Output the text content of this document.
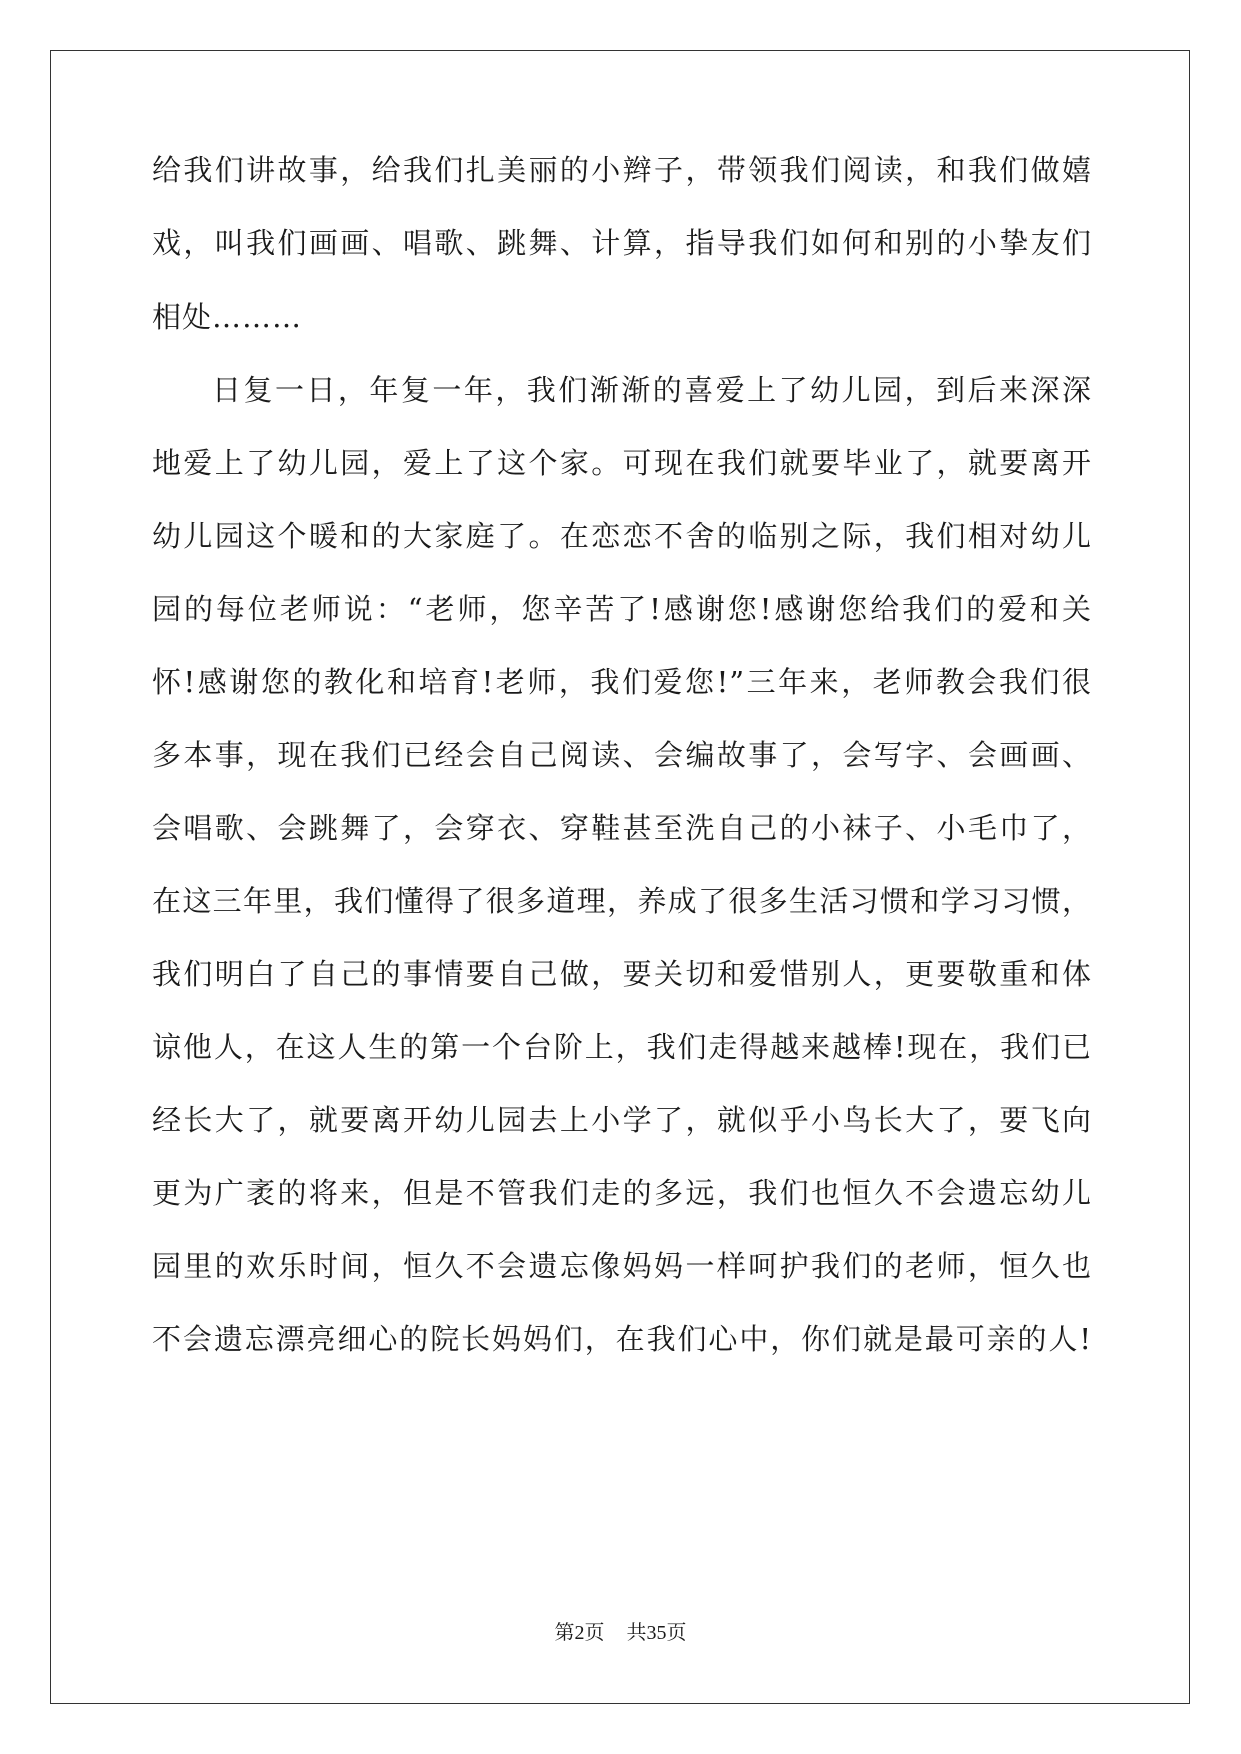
给我们讲故事，给我们扎美丽的小辫子，带领我们阅读，和我们做嬉
戏，叫我们画画、唱歌、跳舞、计算，指导我们如何和别的小挚友们
相处………
日复一日，年复一年，我们渐渐的喜爱上了幼儿园，到后来深深
地爱上了幼儿园，爱上了这个家。可现在我们就要毕业了，就要离开
幼儿园这个暖和的大家庭了。在恋恋不舍的临别之际，我们相对幼儿
园的每位老师说：“老师，您辛苦了!感谢您!感谢您给我们的爱和关
怀!感谢您的教化和培育!老师，我们爱您!”三年来，老师教会我们很
多本事，现在我们已经会自己阅读、会编故事了，会写字、会画画、
会唱歌、会跳舞了，会穿衣、穿鞋甚至洗自己的小袜子、小毛巾了，
在这三年里，我们懂得了很多道理，养成了很多生活习惯和学习习惯，
我们明白了自己的事情要自己做，要关切和爱惜别人，更要敬重和体
谅他人，在这人生的第一个台阶上，我们走得越来越棒!现在，我们已
经长大了，就要离开幼儿园去上小学了，就似乎小鸟长大了，要飞向
更为广袤的将来，但是不管我们走的多远，我们也恒久不会遗忘幼儿
园里的欢乐时间，恒久不会遗忘像妈妈一样呵护我们的老师，恒久也
不会遗忘漂亮细心的院长妈妈们，在我们心中，你们就是最可亲的人!
第2页 共35页
